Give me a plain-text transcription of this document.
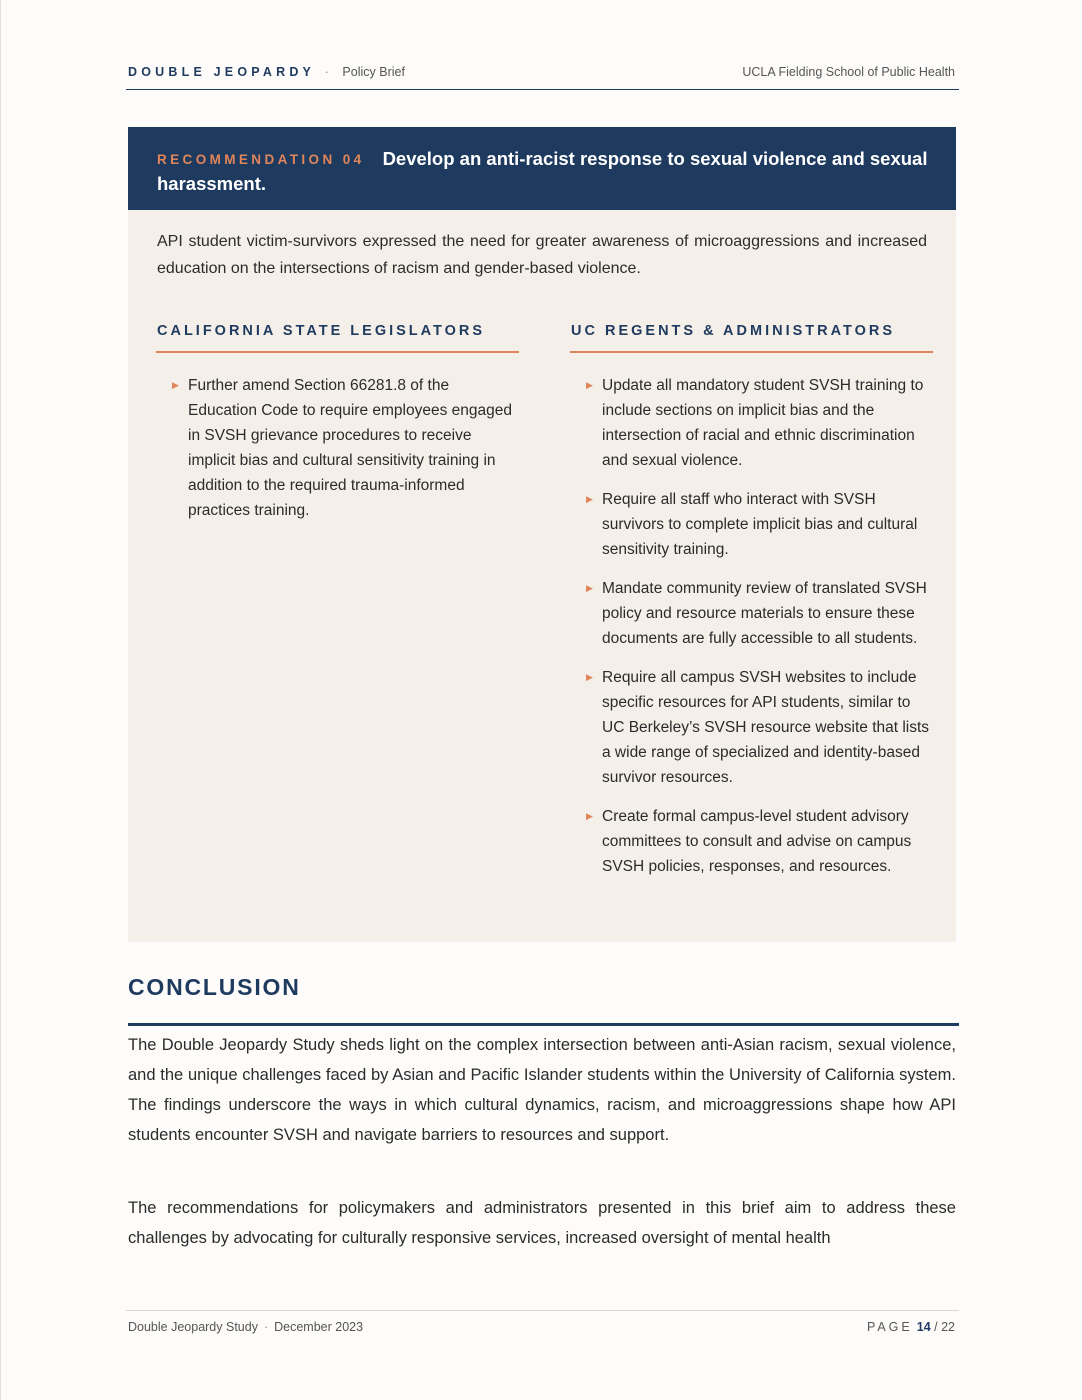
DOUBLE JEOPARDY · Policy Brief	UCLA Fielding School of Public Health
RECOMMENDATION 04 Develop an anti-racist response to sexual violence and sexual harassment.
API student victim-survivors expressed the need for greater awareness of microaggressions and increased education on the intersections of racism and gender-based violence.
CALIFORNIA STATE LEGISLATORS
▶ Further amend Section 66281.8 of the Education Code to require employees engaged in SVSH grievance procedures to receive implicit bias and cultural sensitivity training in addition to the required trauma-informed practices training.
UC REGENTS & ADMINISTRATORS
▶ Update all mandatory student SVSH training to include sections on implicit bias and the intersection of racial and ethnic discrimination and sexual violence.
▶ Require all staff who interact with SVSH survivors to complete implicit bias and cultural sensitivity training.
▶ Mandate community review of translated SVSH policy and resource materials to ensure these documents are fully accessible to all students.
▶ Require all campus SVSH websites to include specific resources for API students, similar to UC Berkeley’s SVSH resource website that lists a wide range of specialized and identity-based survivor resources.
▶ Create formal campus-level student advisory committees to consult and advise on campus SVSH policies, responses, and resources.
CONCLUSION

The Double Jeopardy Study sheds light on the complex intersection between anti-Asian racism, sexual violence, and the unique challenges faced by Asian and Pacific Islander students within the University of California system. The findings underscore the ways in which cultural dynamics, racism, and microaggressions shape how API students encounter SVSH and navigate barriers to resources and support.

The recommendations for policymakers and administrators presented in this brief aim to address these challenges by advocating for culturally responsive services, increased oversight of mental health

Double Jeopardy Study · December 2023	PAGE 14 / 22
